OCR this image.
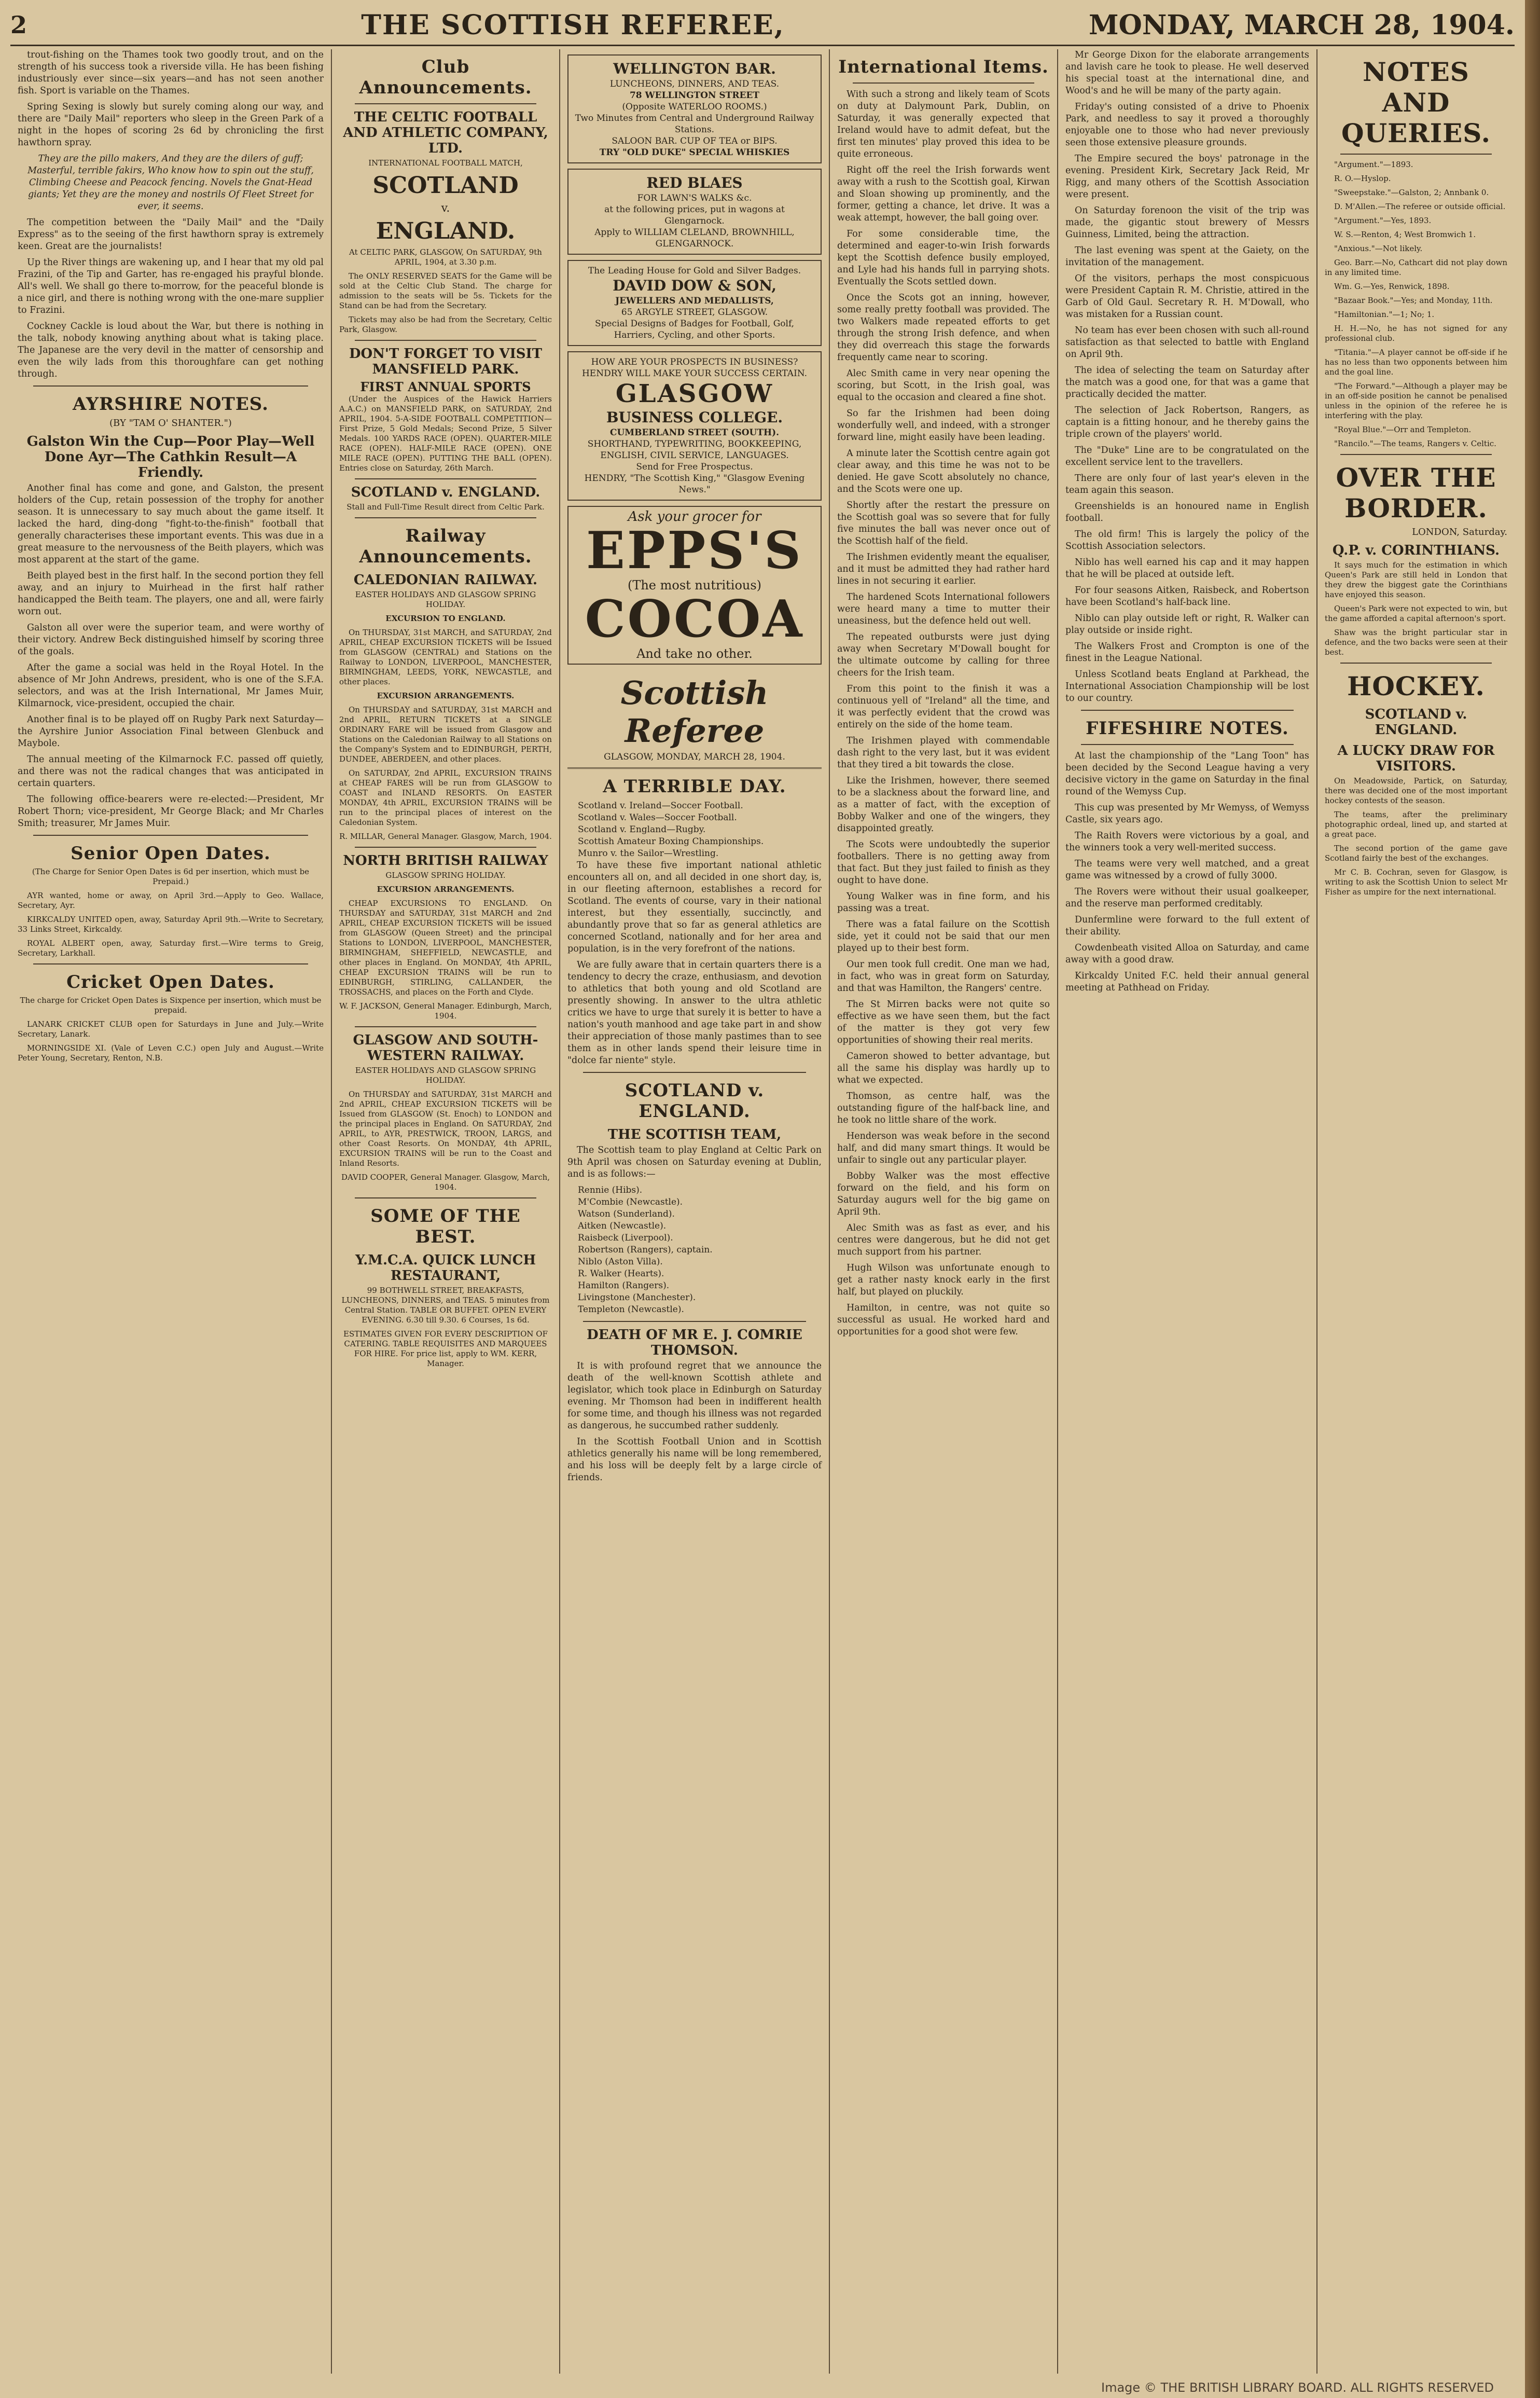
2	THE SCOTTISH REFEREE,	MONDAY, MARCH 28, 1904.

trout-fishing on the Thames took two goodly trout, and on the strength of his success took a riverside villa. He has been fishing industriously ever since—six years—and has not seen another fish. Sport is variable on the Thames.

Spring Sexing is slowly but surely coming along our way, and there are "Daily Mail" reporters who sleep in the Green Park of a night in the hopes of scoring 2s 6d by chronicling the first hawthorn spray.

They are the pillo makers, And they are the dilers of guff; Masterful, terrible fakirs, Who know how to spin out the stuff, Climbing Cheese and Peacock fencing. Novels the Gnat-Head giants; Yet they are the money and nostrils Of Fleet Street for ever, it seems.

The competition between the "Daily Mail" and the "Daily Express" as to the seeing of the first hawthorn spray is extremely keen. Great are the journalists!

Up the River things are wakening up, and I hear that my old pal Frazini, of the Tip and Garter, has re-engaged his prayful blonde. All's well. We shall go there to-morrow, for the peaceful blonde is a nice girl, and there is nothing wrong with the one-mare supplier to Frazini.

Cockney Cackle is loud about the War, but there is nothing in the talk, nobody knowing anything about what is taking place. The Japanese are the very devil in the matter of censorship and even the wily lads from this thoroughfare can get nothing through.

AYRSHIRE NOTES.
(BY "TAM O' SHANTER.")
Galston Win the Cup—Poor Play—Well Done Ayr—The Cathkin Result—A Friendly.

Another final has come and gone, and Galston, the present holders of the Cup, retain possession of the trophy for another season. It is unnecessary to say much about the game itself. It lacked the hard, ding-dong "fight-to-the-finish" football that generally characterises these important events. This was due in a great measure to the nervousness of the Beith players, which was most apparent at the start of the game.

Beith played best in the first half. In the second portion they fell away, and an injury to Muirhead in the first half rather handicapped the Beith team. The players, one and all, were fairly worn out.

Galston all over were the superior team, and were worthy of their victory. Andrew Beck distinguished himself by scoring three of the goals.

After the game a social was held in the Royal Hotel. In the absence of Mr John Andrews, president, who is one of the S.F.A. selectors, and was at the Irish International, Mr James Muir, Kilmarnock, vice-president, occupied the chair.

Another final is to be played off on Rugby Park next Saturday—the Ayrshire Junior Association Final between Glenbuck and Maybole.

The annual meeting of the Kilmarnock F.C. passed off quietly, and there was not the radical changes that was anticipated in certain quarters.

The following office-bearers were re-elected:—President, Mr Robert Thorn; vice-president, Mr George Black; and Mr Charles Smith; treasurer, Mr James Muir.

Senior Open Dates.

(The Charge for Senior Open Dates is 6d per insertion, which must be Prepaid.)

AYR wanted, home or away, on April 3rd.—Apply to Geo. Wallace, Secretary, Ayr.

KIRKCALDY UNITED open, away, Saturday April 9th.—Write to Secretary, 33 Links Street, Kirkcaldy.

ROYAL ALBERT open, away, Saturday first.—Wire terms to Greig, Secretary, Larkhall.

Cricket Open Dates.

The charge for Cricket Open Dates is Sixpence per insertion, which must be prepaid.

LANARK CRICKET CLUB open for Saturdays in June and July.—Write Secretary, Lanark.

MORNINGSIDE XI. (Vale of Leven C.C.) open July and August.—Write Peter Young, Secretary, Renton, N.B.

Club Announcements.
THE CELTIC FOOTBALL AND ATHLETIC COMPANY, LTD.

INTERNATIONAL FOOTBALL MATCH,

SCOTLAND
v.
ENGLAND.

At CELTIC PARK, GLASGOW, On SATURDAY, 9th APRIL, 1904, at 3.30 p.m.

The ONLY RESERVED SEATS for the Game will be sold at the Celtic Club Stand. The charge for admission to the seats will be 5s. Tickets for the Stand can be had from the Secretary.

Tickets may also be had from the Secretary, Celtic Park, Glasgow.

DON'T FORGET TO VISIT MANSFIELD PARK.
FIRST ANNUAL SPORTS

(Under the Auspices of the Hawick Harriers A.A.C.) on MANSFIELD PARK, on SATURDAY, 2nd APRIL, 1904. 5-A-SIDE FOOTBALL COMPETITION—First Prize, 5 Gold Medals; Second Prize, 5 Silver Medals. 100 YARDS RACE (OPEN). QUARTER-MILE RACE (OPEN). HALF-MILE RACE (OPEN). ONE MILE RACE (OPEN). PUTTING THE BALL (OPEN). Entries close on Saturday, 26th March.

SCOTLAND v. ENGLAND.

Stall and Full-Time Result direct from Celtic Park.

Railway Announcements.
CALEDONIAN RAILWAY.

EASTER HOLIDAYS AND GLASGOW SPRING HOLIDAY.

EXCURSION TO ENGLAND.

On THURSDAY, 31st MARCH, and SATURDAY, 2nd APRIL, CHEAP EXCURSION TICKETS will be Issued from GLASGOW (CENTRAL) and Stations on the Railway to LONDON, LIVERPOOL, MANCHESTER, BIRMINGHAM, LEEDS, YORK, NEWCASTLE, and other places.

EXCURSION ARRANGEMENTS.

On THURSDAY and SATURDAY, 31st MARCH and 2nd APRIL, RETURN TICKETS at a SINGLE ORDINARY FARE will be issued from Glasgow and Stations on the Caledonian Railway to all Stations on the Company's System and to EDINBURGH, PERTH, DUNDEE, ABERDEEN, and other places.

On SATURDAY, 2nd APRIL, EXCURSION TRAINS at CHEAP FARES will be run from GLASGOW to COAST and INLAND RESORTS. On EASTER MONDAY, 4th APRIL, EXCURSION TRAINS will be run to the principal places of interest on the Caledonian System.

R. MILLAR, General Manager. Glasgow, March, 1904.

NORTH BRITISH RAILWAY

GLASGOW SPRING HOLIDAY.

EXCURSION ARRANGEMENTS.

CHEAP EXCURSIONS TO ENGLAND. On THURSDAY and SATURDAY, 31st MARCH and 2nd APRIL, CHEAP EXCURSION TICKETS will be issued from GLASGOW (Queen Street) and the principal Stations to LONDON, LIVERPOOL, MANCHESTER, BIRMINGHAM, SHEFFIELD, NEWCASTLE, and other places in England. On MONDAY, 4th APRIL, CHEAP EXCURSION TRAINS will be run to EDINBURGH, STIRLING, CALLANDER, the TROSSACHS, and places on the Forth and Clyde.

W. F. JACKSON, General Manager. Edinburgh, March, 1904.

GLASGOW AND SOUTH-WESTERN RAILWAY.

EASTER HOLIDAYS AND GLASGOW SPRING HOLIDAY.

On THURSDAY and SATURDAY, 31st MARCH and 2nd APRIL, CHEAP EXCURSION TICKETS will be Issued from GLASGOW (St. Enoch) to LONDON and the principal places in England. On SATURDAY, 2nd APRIL, to AYR, PRESTWICK, TROON, LARGS, and other Coast Resorts. On MONDAY, 4th APRIL, EXCURSION TRAINS will be run to the Coast and Inland Resorts.

DAVID COOPER, General Manager. Glasgow, March, 1904.

SOME OF THE BEST.
Y.M.C.A. QUICK LUNCH RESTAURANT,

99 BOTHWELL STREET, BREAKFASTS, LUNCHEONS, DINNERS, and TEAS. 5 minutes from Central Station. TABLE OR BUFFET. OPEN EVERY EVENING. 6.30 till 9.30. 6 Courses, 1s 6d.

ESTIMATES GIVEN FOR EVERY DESCRIPTION OF CATERING. TABLE REQUISITES AND MARQUEES FOR HIRE. For price list, apply to WM. KERR, Manager.

WELLINGTON BAR.
LUNCHEONS, DINNERS, AND TEAS.
78 WELLINGTON STREET
(Opposite WATERLOO ROOMS.)
Two Minutes from Central and Underground Railway Stations.
SALOON BAR. CUP OF TEA or BIPS.
TRY "OLD DUKE" SPECIAL WHISKIES
RED BLAES
FOR LAWN'S WALKS &c.
at the following prices, put in wagons at Glengarnock.
Apply to WILLIAM CLELAND, BROWNHILL, GLENGARNOCK.
The Leading House for Gold and Silver Badges.
DAVID DOW & SON,
JEWELLERS AND MEDALLISTS,
65 ARGYLE STREET, GLASGOW.
Special Designs of Badges for Football, Golf, Harriers, Cycling, and other Sports.
HOW ARE YOUR PROSPECTS IN BUSINESS?
HENDRY WILL MAKE YOUR SUCCESS CERTAIN.
GLASGOW
BUSINESS COLLEGE.
CUMBERLAND STREET (SOUTH).
SHORTHAND, TYPEWRITING, BOOKKEEPING, ENGLISH, CIVIL SERVICE, LANGUAGES.
Send for Free Prospectus.
HENDRY, "The Scottish King," "Glasgow Evening News."
Ask your grocer for
EPPS'S
(The most nutritious)
COCOA
And take no other.
Scottish Referee
GLASGOW, MONDAY, MARCH 28, 1904.
A TERRIBLE DAY.
Scotland v. Ireland—Soccer Football.
Scotland v. Wales—Soccer Football.
Scotland v. England—Rugby.
Scottish Amateur Boxing Championships.
Munro v. the Sailor—Wrestling.

To have these five important national athletic encounters all on, and all decided in one short day, is, in our fleeting afternoon, establishes a record for Scotland. The events of course, vary in their national interest, but they essentially, succinctly, and abundantly prove that so far as general athletics are concerned Scotland, nationally and for her area and population, is in the very forefront of the nations.

We are fully aware that in certain quarters there is a tendency to decry the craze, enthusiasm, and devotion to athletics that both young and old Scotland are presently showing. In answer to the ultra athletic critics we have to urge that surely it is better to have a nation's youth manhood and age take part in and show their appreciation of those manly pastimes than to see them as in other lands spend their leisure time in "dolce far niente" style.

SCOTLAND v. ENGLAND.
THE SCOTTISH TEAM,

The Scottish team to play England at Celtic Park on 9th April was chosen on Saturday evening at Dublin, and is as follows:—

Rennie (Hibs).
M'Combie (Newcastle).
Watson (Sunderland).
Aitken (Newcastle).
Raisbeck (Liverpool).
Robertson (Rangers), captain.
Niblo (Aston Villa).
R. Walker (Hearts).
Hamilton (Rangers).
Livingstone (Manchester).
Templeton (Newcastle).
DEATH OF MR E. J. COMRIE THOMSON.

It is with profound regret that we announce the death of the well-known Scottish athlete and legislator, which took place in Edinburgh on Saturday evening. Mr Thomson had been in indifferent health for some time, and though his illness was not regarded as dangerous, he succumbed rather suddenly.

In the Scottish Football Union and in Scottish athletics generally his name will be long remembered, and his loss will be deeply felt by a large circle of friends.

International Items.

With such a strong and likely team of Scots on duty at Dalymount Park, Dublin, on Saturday, it was generally expected that Ireland would have to admit defeat, but the first ten minutes' play proved this idea to be quite erroneous.

Right off the reel the Irish forwards went away with a rush to the Scottish goal, Kirwan and Sloan showing up prominently, and the former, getting a chance, let drive. It was a weak attempt, however, the ball going over.

For some considerable time, the determined and eager-to-win Irish forwards kept the Scottish defence busily employed, and Lyle had his hands full in parrying shots. Eventually the Scots settled down.

Once the Scots got an inning, however, some really pretty football was provided. The two Walkers made repeated efforts to get through the strong Irish defence, and when they did overreach this stage the forwards frequently came near to scoring.

Alec Smith came in very near opening the scoring, but Scott, in the Irish goal, was equal to the occasion and cleared a fine shot.

So far the Irishmen had been doing wonderfully well, and indeed, with a stronger forward line, might easily have been leading.

A minute later the Scottish centre again got clear away, and this time he was not to be denied. He gave Scott absolutely no chance, and the Scots were one up.

Shortly after the restart the pressure on the Scottish goal was so severe that for fully five minutes the ball was never once out of the Scottish half of the field.

The Irishmen evidently meant the equaliser, and it must be admitted they had rather hard lines in not securing it earlier.

The hardened Scots International followers were heard many a time to mutter their uneasiness, but the defence held out well.

The repeated outbursts were just dying away when Secretary M'Dowall bought for the ultimate outcome by calling for three cheers for the Irish team.

From this point to the finish it was a continuous yell of "Ireland" all the time, and it was perfectly evident that the crowd was entirely on the side of the home team.

The Irishmen played with commendable dash right to the very last, but it was evident that they tired a bit towards the close.

Like the Irishmen, however, there seemed to be a slackness about the forward line, and as a matter of fact, with the exception of Bobby Walker and one of the wingers, they disappointed greatly.

The Scots were undoubtedly the superior footballers. There is no getting away from that fact. But they just failed to finish as they ought to have done.

Young Walker was in fine form, and his passing was a treat.

There was a fatal failure on the Scottish side, yet it could not be said that our men played up to their best form.

Our men took full credit. One man we had, in fact, who was in great form on Saturday, and that was Hamilton, the Rangers' centre.

The St Mirren backs were not quite so effective as we have seen them, but the fact of the matter is they got very few opportunities of showing their real merits.

Cameron showed to better advantage, but all the same his display was hardly up to what we expected.

Thomson, as centre half, was the outstanding figure of the half-back line, and he took no little share of the work.

Henderson was weak before in the second half, and did many smart things. It would be unfair to single out any particular player.

Bobby Walker was the most effective forward on the field, and his form on Saturday augurs well for the big game on April 9th.

Alec Smith was as fast as ever, and his centres were dangerous, but he did not get much support from his partner.

Hugh Wilson was unfortunate enough to get a rather nasty knock early in the first half, but played on pluckily.

Hamilton, in centre, was not quite so successful as usual. He worked hard and opportunities for a good shot were few.

Mr George Dixon for the elaborate arrangements and lavish care he took to please. He well deserved his special toast at the international dine, and Wood's and he will be many of the party again.

Friday's outing consisted of a drive to Phoenix Park, and needless to say it proved a thoroughly enjoyable one to those who had never previously seen those extensive pleasure grounds.

The Empire secured the boys' patronage in the evening. President Kirk, Secretary Jack Reid, Mr Rigg, and many others of the Scottish Association were present.

On Saturday forenoon the visit of the trip was made, the gigantic stout brewery of Messrs Guinness, Limited, being the attraction.

The last evening was spent at the Gaiety, on the invitation of the management.

Of the visitors, perhaps the most conspicuous were President Captain R. M. Christie, attired in the Garb of Old Gaul. Secretary R. H. M'Dowall, who was mistaken for a Russian count.

No team has ever been chosen with such all-round satisfaction as that selected to battle with England on April 9th.

The idea of selecting the team on Saturday after the match was a good one, for that was a game that practically decided the matter.

The selection of Jack Robertson, Rangers, as captain is a fitting honour, and he thereby gains the triple crown of the players' world.

The "Duke" Line are to be congratulated on the excellent service lent to the travellers.

There are only four of last year's eleven in the team again this season.

Greenshields is an honoured name in English football.

The old firm! This is largely the policy of the Scottish Association selectors.

Niblo has well earned his cap and it may happen that he will be placed at outside left.

For four seasons Aitken, Raisbeck, and Robertson have been Scotland's half-back line.

Niblo can play outside left or right, R. Walker can play outside or inside right.

The Walkers Frost and Crompton is one of the finest in the League National.

Unless Scotland beats England at Parkhead, the International Association Championship will be lost to our country.

FIFESHIRE NOTES.

At last the championship of the "Lang Toon" has been decided by the Second League having a very decisive victory in the game on Saturday in the final round of the Wemyss Cup.

This cup was presented by Mr Wemyss, of Wemyss Castle, six years ago.

The Raith Rovers were victorious by a goal, and the winners took a very well-merited success.

The teams were very well matched, and a great game was witnessed by a crowd of fully 3000.

The Rovers were without their usual goalkeeper, and the reserve man performed creditably.

Dunfermline were forward to the full extent of their ability.

Cowdenbeath visited Alloa on Saturday, and came away with a good draw.

Kirkcaldy United F.C. held their annual general meeting at Pathhead on Friday.

NOTES AND QUERIES.

"Argument."—1893.

R. O.—Hyslop.

"Sweepstake."—Galston, 2; Annbank 0.

D. M'Allen.—The referee or outside official.

"Argument."—Yes, 1893.

W. S.—Renton, 4; West Bromwich 1.

"Anxious."—Not likely.

Geo. Barr.—No, Cathcart did not play down in any limited time.

Wm. G.—Yes, Renwick, 1898.

"Bazaar Book."—Yes; and Monday, 11th.

"Hamiltonian."—1; No; 1.

H. H.—No, he has not signed for any professional club.

"Titania."—A player cannot be off-side if he has no less than two opponents between him and the goal line.

"The Forward."—Although a player may be in an off-side position he cannot be penalised unless in the opinion of the referee he is interfering with the play.

"Royal Blue."—Orr and Templeton.

"Rancilo."—The teams, Rangers v. Celtic.

OVER THE BORDER.
LONDON, Saturday.
Q.P. v. CORINTHIANS.

It says much for the estimation in which Queen's Park are still held in London that they drew the biggest gate the Corinthians have enjoyed this season.

Queen's Park were not expected to win, but the game afforded a capital afternoon's sport.

Shaw was the bright particular star in defence, and the two backs were seen at their best.

HOCKEY.
SCOTLAND v. ENGLAND.
A LUCKY DRAW FOR VISITORS.

On Meadowside, Partick, on Saturday, there was decided one of the most important hockey contests of the season.

The teams, after the preliminary photographic ordeal, lined up, and started at a great pace.

The second portion of the game gave Scotland fairly the best of the exchanges.

Mr C. B. Cochran, seven for Glasgow, is writing to ask the Scottish Union to select Mr Fisher as umpire for the next international.

Image © THE BRITISH LIBRARY BOARD. ALL RIGHTS RESERVED
